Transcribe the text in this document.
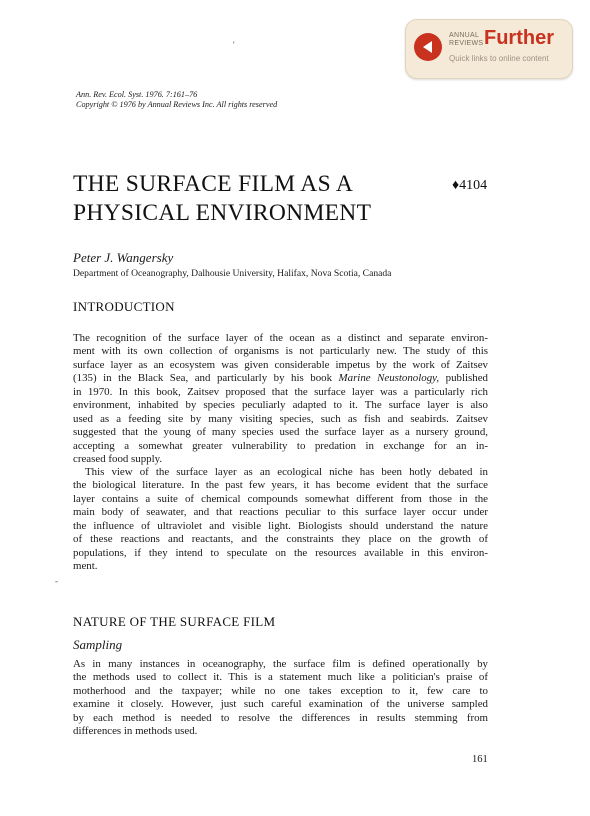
ANNUAL
REVIEWS Further
Quick links to online content
'
Ann. Rev. Ecol. Syst. 1976. 7:161–76
Copyright © 1976 by Annual Reviews Inc. All rights reserved
THE SURFACE FILM AS A
PHYSICAL ENVIRONMENT
♦4104
Peter J. Wangersky
Department of Oceanography, Dalhousie University, Halifax, Nova Scotia, Canada
INTRODUCTION
The recognition of the surface layer of the ocean as a distinct and separate environ-
ment with its own collection of organisms is not particularly new. The study of this
surface layer as an ecosystem was given considerable impetus by the work of Zaitsev
(135) in the Black Sea, and particularly by his book Marine Neustonology, published
in 1970. In this book, Zaitsev proposed that the surface layer was a particularly rich
environment, inhabited by species peculiarly adapted to it. The surface layer is also
used as a feeding site by many visiting species, such as fish and seabirds. Zaitsev
suggested that the young of many species used the surface layer as a nursery ground,
accepting a somewhat greater vulnerability to predation in exchange for an in-
creased food supply.
This view of the surface layer as an ecological niche has been hotly debated in
the biological literature. In the past few years, it has become evident that the surface
layer contains a suite of chemical compounds somewhat different from those in the
main body of seawater, and that reactions peculiar to this surface layer occur under
the influence of ultraviolet and visible light. Biologists should understand the nature
of these reactions and reactants, and the constraints they place on the growth of
populations, if they intend to speculate on the resources available in this environ-
ment.
-
NATURE OF THE SURFACE FILM
Sampling
As in many instances in oceanography, the surface film is defined operationally by
the methods used to collect it. This is a statement much like a politician's praise of
motherhood and the taxpayer; while no one takes exception to it, few care to
examine it closely. However, just such careful examination of the universe sampled
by each method is needed to resolve the differences in results stemming from
differences in methods used.
161
